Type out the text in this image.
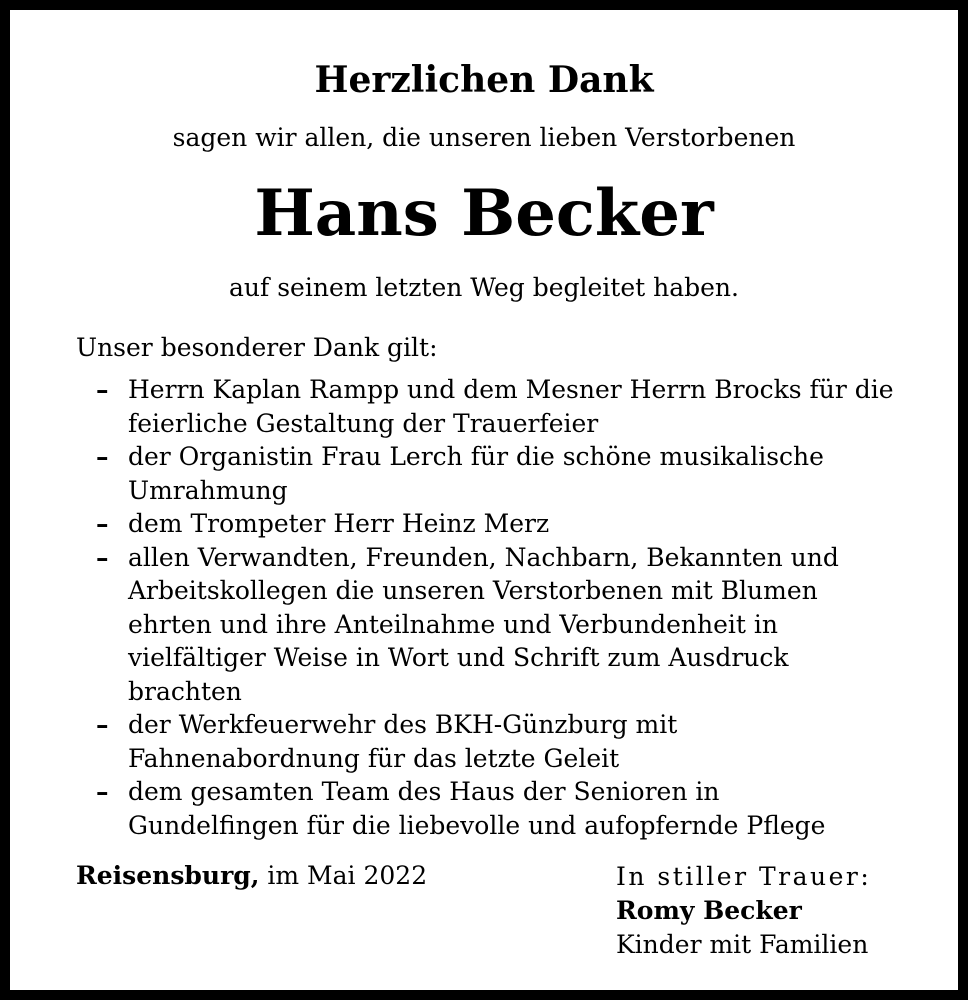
Herzlichen Dank
sagen wir allen, die unseren lieben Verstorbenen
Hans Becker
auf seinem letzten Weg begleitet haben.
Unser besonderer Dank gilt:
– Herrn Kaplan Rampp und dem Mesner Herrn Brocks für die feierliche Gestaltung der Trauerfeier
– der Organistin Frau Lerch für die schöne musikalische Umrahmung
– dem Trompeter Herr Heinz Merz
– allen Verwandten, Freunden, Nachbarn, Bekannten und Arbeitskollegen die unseren Verstorbenen mit Blumen ehrten und ihre Anteilnahme und Verbundenheit in vielfältiger Weise in Wort und Schrift zum Ausdruck brachten
– der Werkfeuerwehr des BKH-Günzburg mit Fahnenabordnung für das letzte Geleit
– dem gesamten Team des Haus der Senioren in Gundelfingen für die liebevolle und aufopfernde Pflege
Reisensburg, im Mai 2022	In stiller Trauer:
Romy Becker
Kinder mit Familien
